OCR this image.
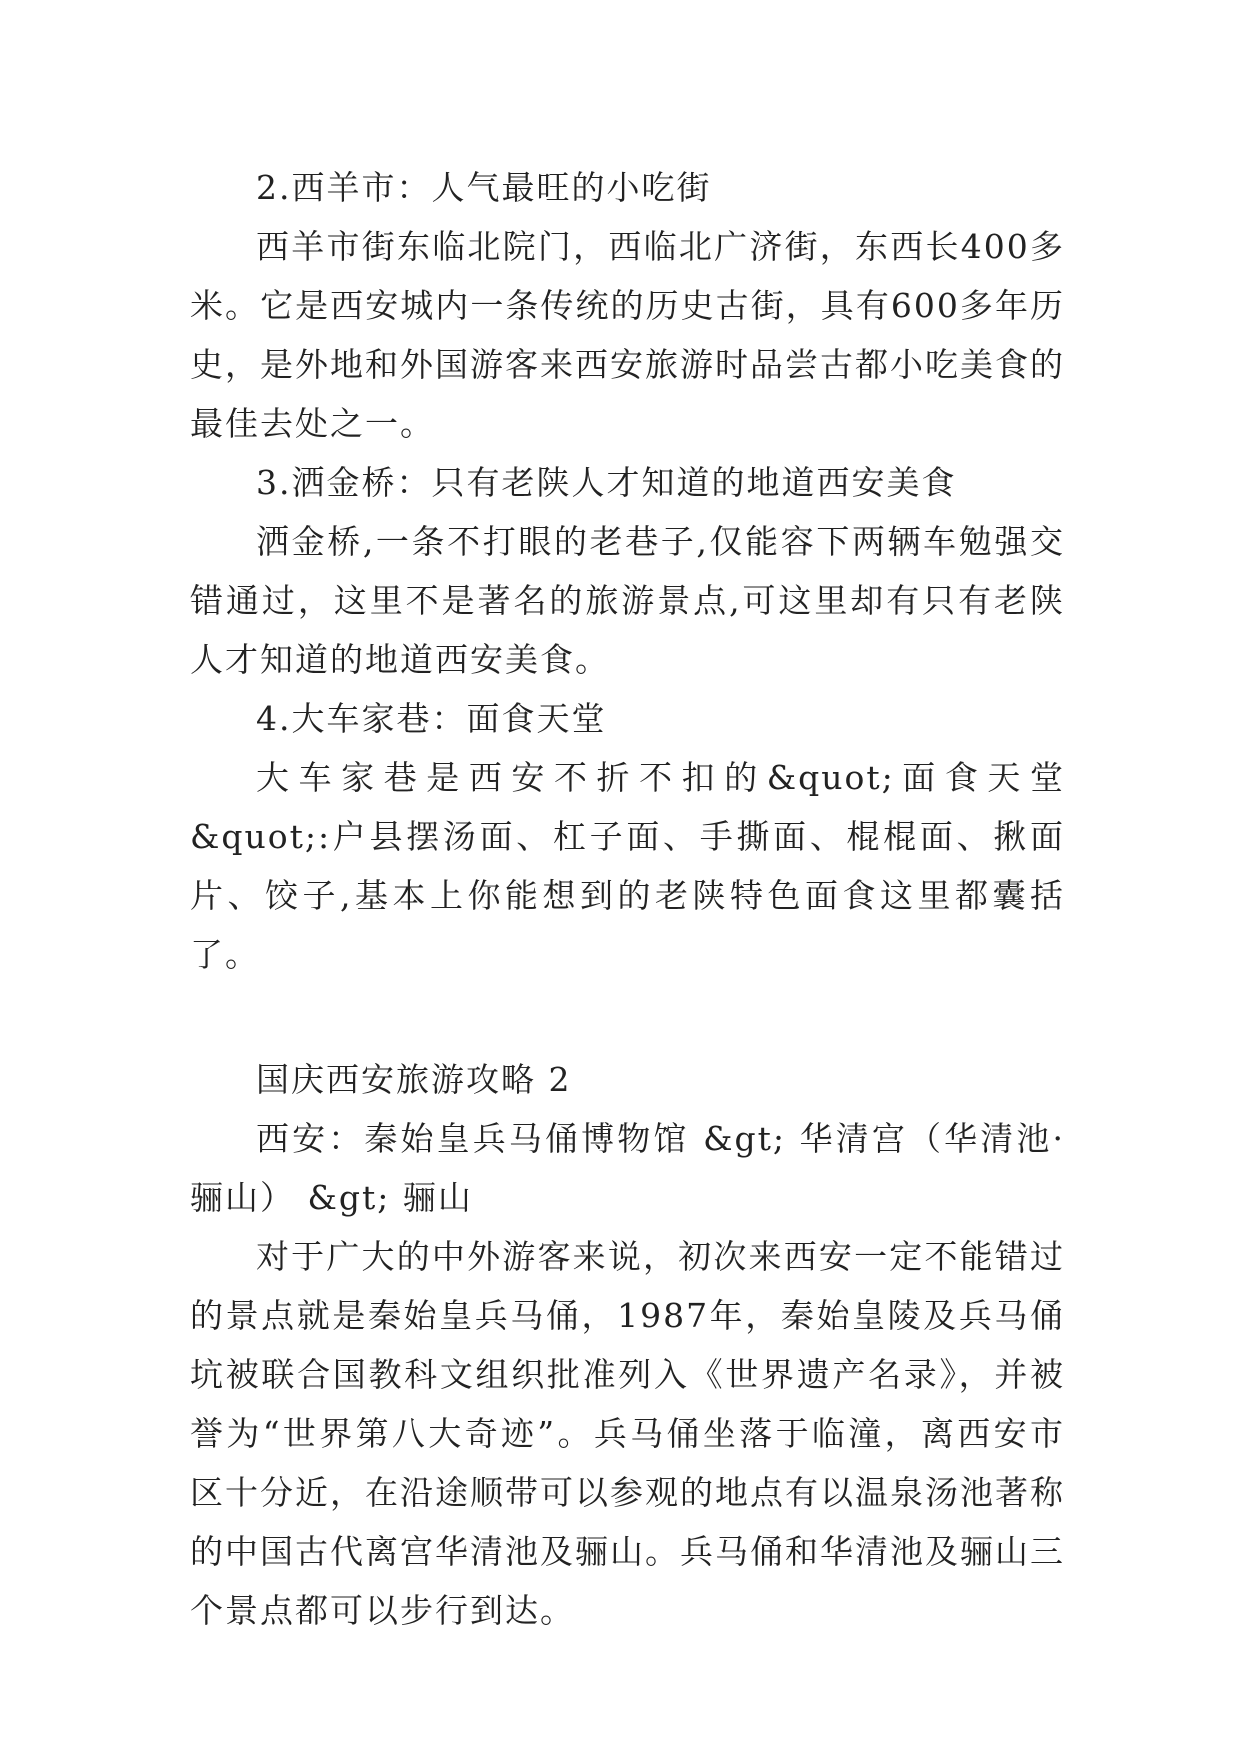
2.西羊市：人气最旺的小吃街

西羊市街东临北院门，西临北广济街，东西长400多米。它是西安城内一条传统的历史古街，具有600多年历史，是外地和外国游客来西安旅游时品尝古都小吃美食的最佳去处之一。

3.洒金桥：只有老陕人才知道的地道西安美食

洒金桥,一条不打眼的老巷子,仅能容下两辆车勉强交错通过，这里不是著名的旅游景点,可这里却有只有老陕人才知道的地道西安美食。

4.大车家巷：面食天堂

大车家巷是西安不折不扣的&quot;面食天堂&quot;:户县摆汤面、杠子面、手撕面、棍棍面、揪面片、饺子,基本上你能想到的老陕特色面食这里都囊括了。

国庆西安旅游攻略 2

西安：秦始皇兵马俑博物馆 &gt; 华清宫（华清池·骊山） &gt; 骊山

对于广大的中外游客来说，初次来西安一定不能错过的景点就是秦始皇兵马俑，1987年，秦始皇陵及兵马俑坑被联合国教科文组织批准列入《世界遗产名录》，并被誉为“世界第八大奇迹”。兵马俑坐落于临潼，离西安市区十分近，在沿途顺带可以参观的地点有以温泉汤池著称的中国古代离宫华清池及骊山。兵马俑和华清池及骊山三个景点都可以步行到达。
